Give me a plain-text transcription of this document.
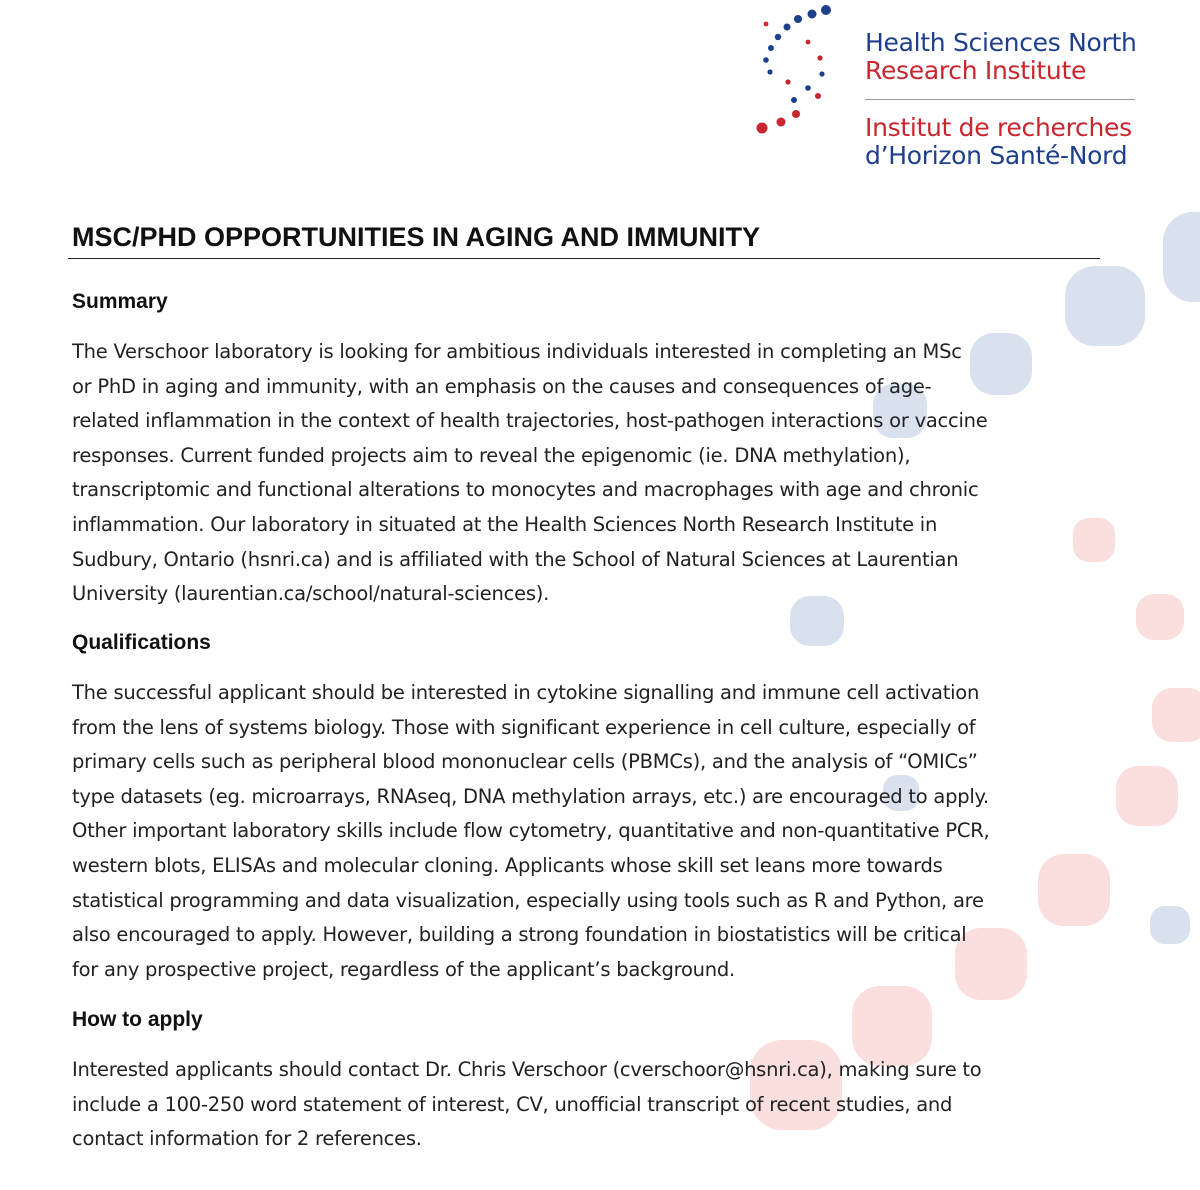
Health Sciences North
Research Institute
Institut de recherches
d’Horizon Santé-Nord
MSC/PHD OPPORTUNITIES IN AGING AND IMMUNITY
Summary
The Verschoor laboratory is looking for ambitious individuals interested in completing an MSc
or PhD in aging and immunity, with an emphasis on the causes and consequences of age-
related inflammation in the context of health trajectories, host-pathogen interactions or vaccine
responses. Current funded projects aim to reveal the epigenomic (ie. DNA methylation),
transcriptomic and functional alterations to monocytes and macrophages with age and chronic
inflammation. Our laboratory in situated at the Health Sciences North Research Institute in
Sudbury, Ontario (hsnri.ca) and is affiliated with the School of Natural Sciences at Laurentian
University (laurentian.ca/school/natural-sciences).
Qualifications
The successful applicant should be interested in cytokine signalling and immune cell activation
from the lens of systems biology. Those with significant experience in cell culture, especially of
primary cells such as peripheral blood mononuclear cells (PBMCs), and the analysis of “OMICs”
type datasets (eg. microarrays, RNAseq, DNA methylation arrays, etc.) are encouraged to apply.
Other important laboratory skills include flow cytometry, quantitative and non-quantitative PCR,
western blots, ELISAs and molecular cloning. Applicants whose skill set leans more towards
statistical programming and data visualization, especially using tools such as R and Python, are
also encouraged to apply. However, building a strong foundation in biostatistics will be critical
for any prospective project, regardless of the applicant’s background.
How to apply
Interested applicants should contact Dr. Chris Verschoor (cverschoor@hsnri.ca), making sure to
include a 100-250 word statement of interest, CV, unofficial transcript of recent studies, and
contact information for 2 references.
